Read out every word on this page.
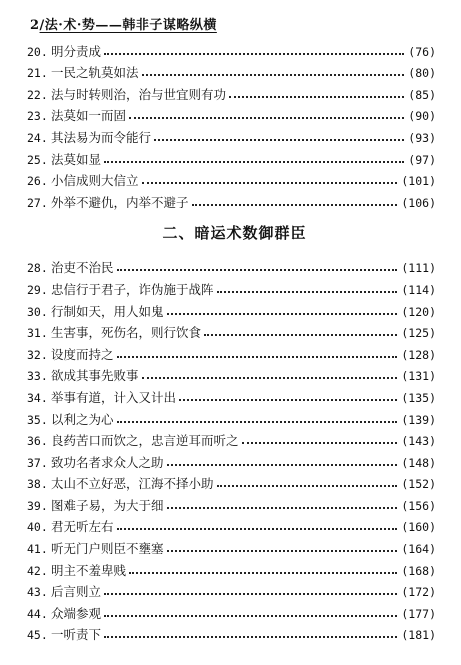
2/法·术·势——韩非子谋略纵横
20. 明分责成	(76)
21. 一民之轨莫如法	(80)
22. 法与时转则治，治与世宜则有功	(85)
23. 法莫如一而固	(90)
24. 其法易为而令能行	(93)
25. 法莫如显	(97)
26. 小信成则大信立	(101)
27. 外举不避仇，内举不避子	(106)
二、暗运术数御群臣
28. 治吏不治民	(111)
29. 忠信行于君子，诈伪施于战阵	(114)
30. 行制如天，用人如鬼	(120)
31. 生害事，死伤名，则行饮食	(125)
32. 设度而持之	(128)
33. 欲成其事先败事	(131)
34. 举事有道，计入又计出	(135)
35. 以利之为心	(139)
36. 良药苦口而饮之，忠言逆耳而听之	(143)
37. 致功名者求众人之助	(148)
38. 太山不立好恶，江海不择小助	(152)
39. 图难子易，为大于细	(156)
40. 君无听左右	(160)
41. 听无门户则臣不壅塞	(164)
42. 明主不羞卑贱	(168)
43. 后言则立	(172)
44. 众端参观	(177)
45. 一听责下	(181)
